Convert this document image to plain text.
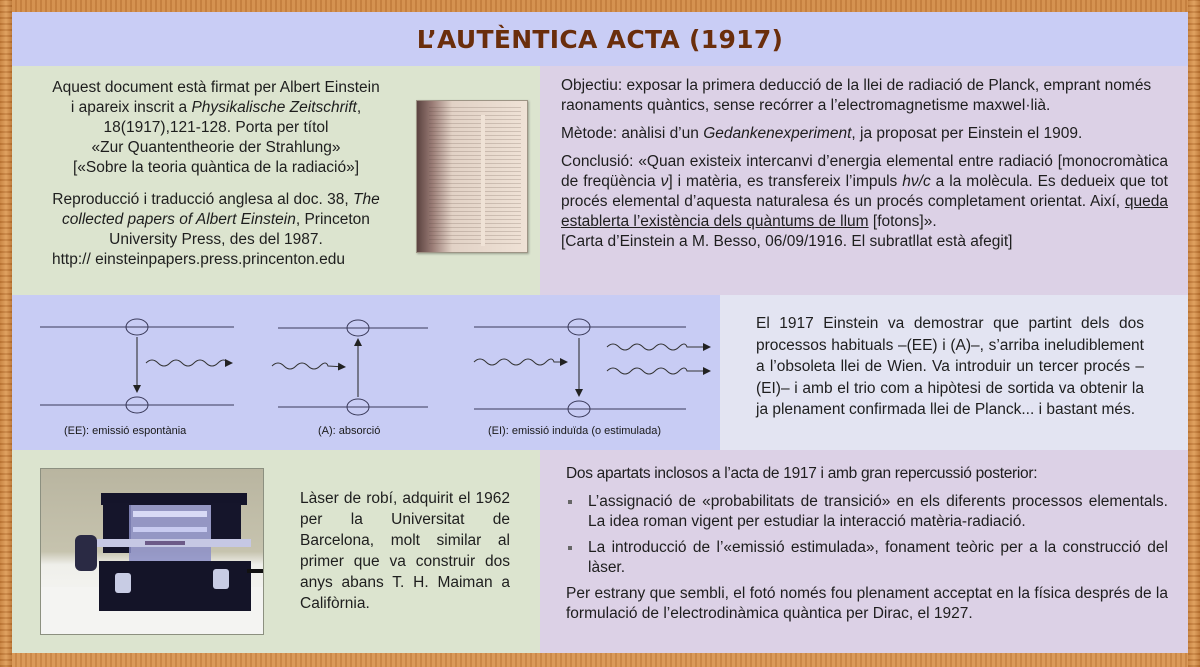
L’AUTÈNTICA ACTA (1917)

Aquest document està firmat per Albert Einstein

i apareix inscrit a Physikalische Zeitschrift,

18(1917),121-128. Porta per títol

«Zur Quantentheorie der Strahlung»

[«Sobre la teoria quàntica de la radiació»]

Reproducció i traducció anglesa al doc. 38, The collected papers of Albert Einstein, Princeton University Press, des del 1987.

http:// einsteinpapers.press.princenton.edu

Objectiu: exposar la primera deducció de la llei de radiació de Planck, emprant només raonaments quàntics, sense recórrer a l’electromagnetisme maxwel·lià.

Mètode: anàlisi d’un Gedankenexperiment, ja proposat per Einstein el 1909.

Conclusió: «Quan existeix intercanvi d’energia elemental entre radiació [monocromàtica de freqüència ν] i matèria, es transfereix l’impuls hν/c a la molècula. Es dedueix que tot procés elemental d’aquesta naturalesa és un procés completament orientat. Així, queda establerta l’existència dels quàntums de llum [fotons]».

[Carta d’Einstein a M. Besso, 06/09/1916. El subratllat està afegit]

(EE): emissió espontània	(A): absorció	(EI): emissió induïda (o estimulada)
El 1917 Einstein va demostrar que partint dels dos processos habituals –(EE) i (A)–, s’arriba ineludiblement a l’obsoleta llei de Wien. Va introduir un tercer procés –(EI)– i amb el trio com a hipòtesi de sortida va obtenir la ja plenament confirmada llei de Planck... i bastant més.
Làser de robí, adquirit el 1962 per la Universitat de Barcelona, molt similar al primer que va construir dos anys abans T. H. Maiman a Califòrnia.

Dos apartats inclosos a l’acta de 1917 i amb gran repercussió posterior:

L’assignació de «probabilitats de transició» en els diferents processos elementals. La idea roman vigent per estudiar la interacció matèria-radiació.
La introducció de l’«emissió estimulada», fonament teòric per a la construcció del làser.

Per estrany que sembli, el fotó només fou plenament acceptat en la física després de la formulació de l’electrodinàmica quàntica per Dirac, el 1927.
